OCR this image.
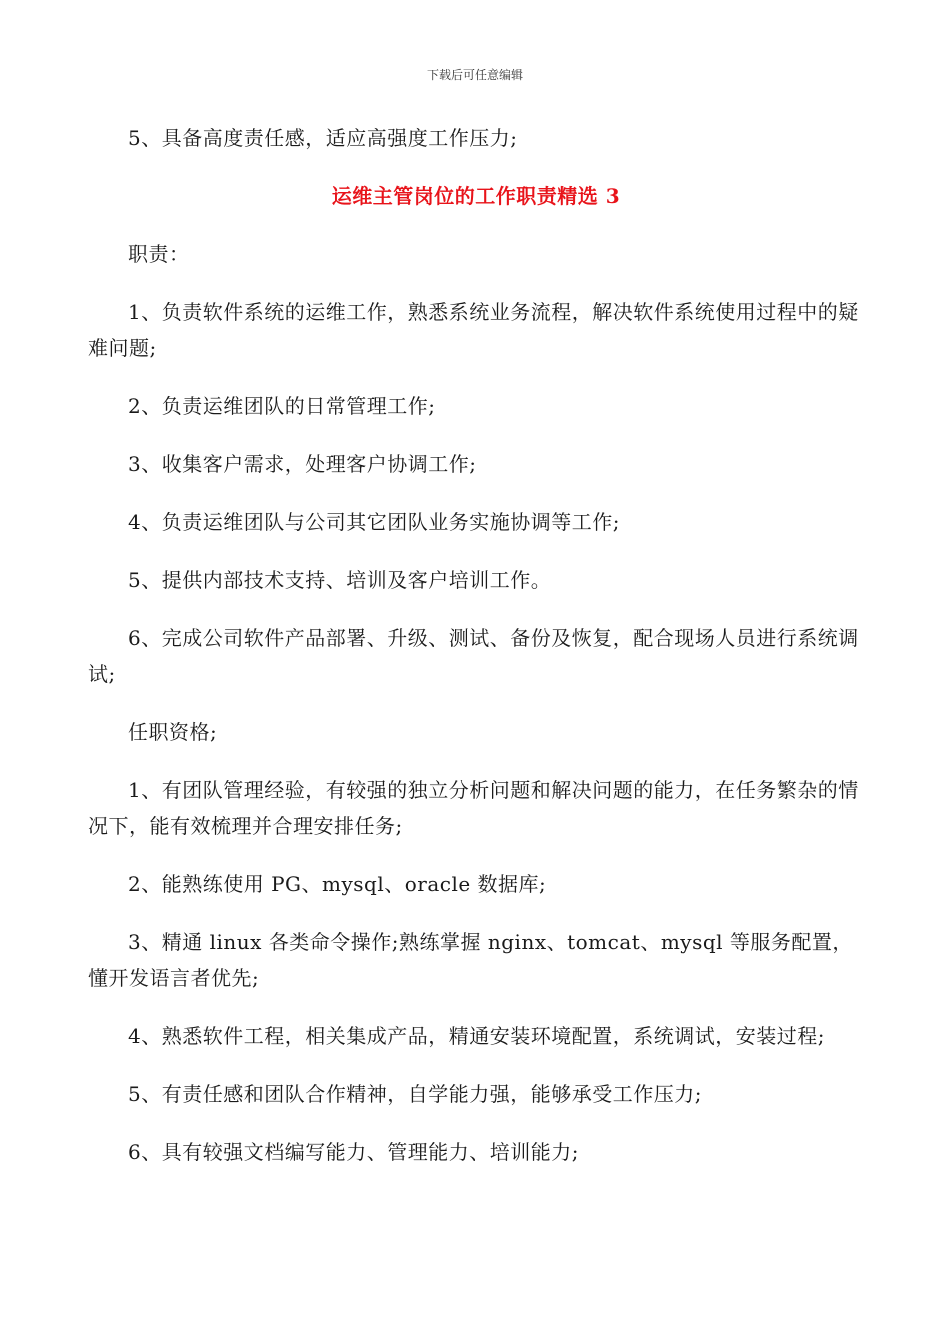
下载后可任意编辑

5、具备高度责任感，适应高强度工作压力;

运维主管岗位的工作职责精选 3

职责：

1、负责软件系统的运维工作，熟悉系统业务流程，解决软件系统使用过程中的疑难问题;

2、负责运维团队的日常管理工作;

3、收集客户需求，处理客户协调工作;

4、负责运维团队与公司其它团队业务实施协调等工作;

5、提供内部技术支持、培训及客户培训工作。

6、完成公司软件产品部署、升级、测试、备份及恢复，配合现场人员进行系统调试;

任职资格;

1、有团队管理经验，有较强的独立分析问题和解决问题的能力，在任务繁杂的情况下，能有效梳理并合理安排任务;

2、能熟练使用 PG、mysql、oracle 数据库;

3、精通 linux 各类命令操作;熟练掌握 nginx、tomcat、mysql 等服务配置，懂开发语言者优先;

4、熟悉软件工程，相关集成产品，精通安装环境配置，系统调试，安装过程;

5、有责任感和团队合作精神，自学能力强，能够承受工作压力;

6、具有较强文档编写能力、管理能力、培训能力;
